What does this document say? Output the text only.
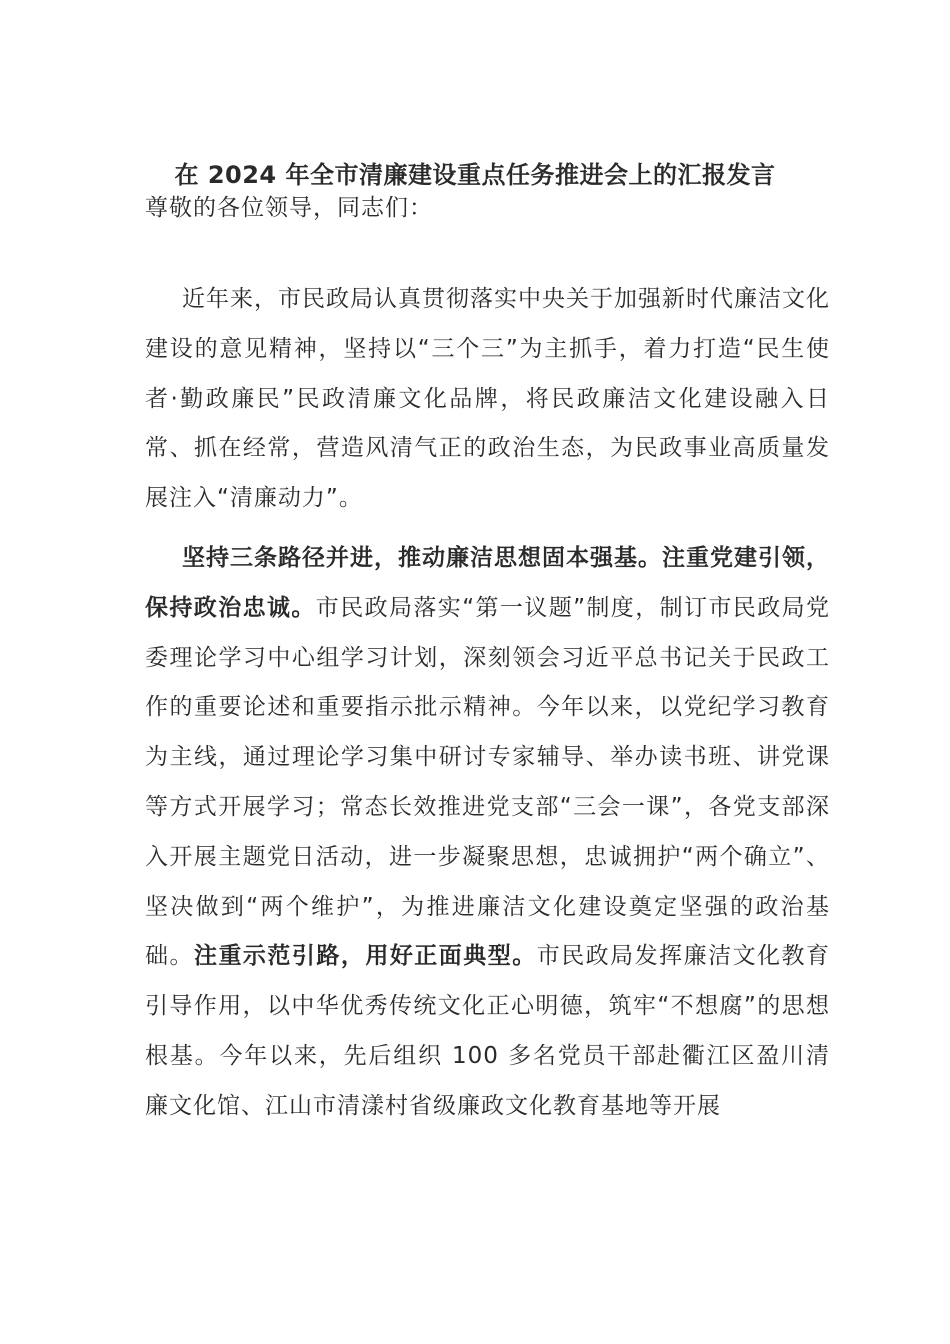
在 2024 年全市清廉建设重点任务推进会上的汇报发言
尊敬的各位领导，同志们：

近年来，市民政局认真贯彻落实中央关于加强新时代廉洁文化建设的意见精神，坚持以“三个三”为主抓手，着力打造“民生使者·勤政廉民”民政清廉文化品牌，将民政廉洁文化建设融入日常、抓在经常，营造风清气正的政治生态，为民政事业高质量发展注入“清廉动力”。

坚持三条路径并进，推动廉洁思想固本强基。注重党建引领，保持政治忠诚。市民政局落实“第一议题”制度，制订市民政局党委理论学习中心组学习计划，深刻领会习近平总书记关于民政工作的重要论述和重要指示批示精神。今年以来，以党纪学习教育为主线，通过理论学习集中研讨专家辅导、举办读书班、讲党课等方式开展学习；常态长效推进党支部“三会一课”，各党支部深入开展主题党日活动，进一步凝聚思想，忠诚拥护“两个确立”、坚决做到“两个维护”，为推进廉洁文化建设奠定坚强的政治基础。注重示范引路，用好正面典型。市民政局发挥廉洁文化教育引导作用，以中华优秀传统文化正心明德，筑牢“不想腐”的思想根基。今年以来，先后组织 100 多名党员干部赴衢江区盈川清廉文化馆、江山市清漾村省级廉政文化教育基地等开展
